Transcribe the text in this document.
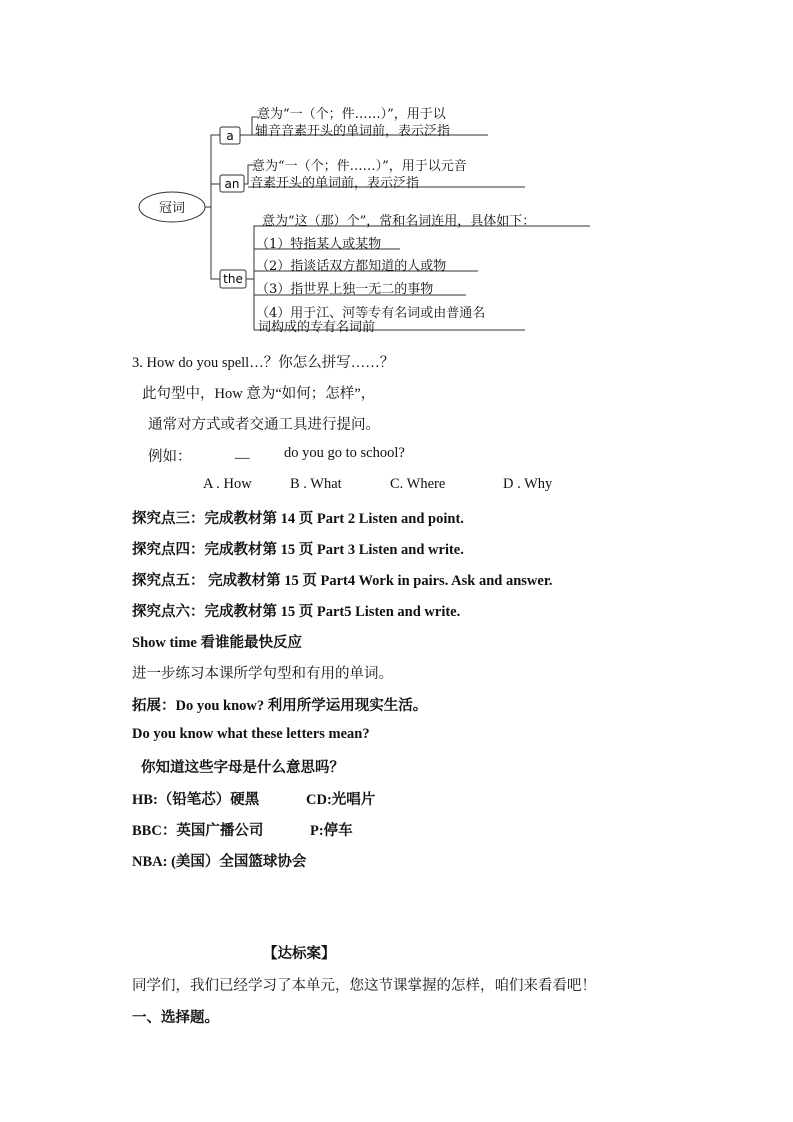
冠词
a
an
the
意为“一（个；件……）”，用于以
辅音音素开头的单词前，表示泛指
意为“一（个；件……）”，用于以元音
音素开头的单词前，表示泛指
意为“这（那）个”，常和名词连用，具体如下：
（1）特指某人或某物
（2）指谈话双方都知道的人或物
（3）指世界上独一无二的事物
（4）用于江、河等专有名词或由普通名
词构成的专有名词前
3. How do you spell…？你怎么拼写……？
此句型中，How 意为“如何；怎样”，
通常对方式或者交通工具进行提问。
例如：	__ do you go to school?
A . How	B . What	C. Where	D . Why
探究点三：完成教材第 14 页 Part 2 Listen and point.
探究点四：完成教材第 15 页 Part 3 Listen and write.
探究点五： 完成教材第 15 页 Part4 Work in pairs. Ask and answer.
探究点六：完成教材第 15 页 Part5 Listen and write.
Show time 看谁能最快反应
进一步练习本课所学句型和有用的单词。
拓展：Do you know? 利用所学运用现实生活。
Do you know what these letters mean?
你知道这些字母是什么意思吗？
HB:（铅笔芯）硬黑	CD:光唱片
BBC：英国广播公司	P:停车
NBA: (美国）全国篮球协会
【达标案】
同学们，我们已经学习了本单元，您这节课掌握的怎样，咱们来看看吧！
一、选择题。
